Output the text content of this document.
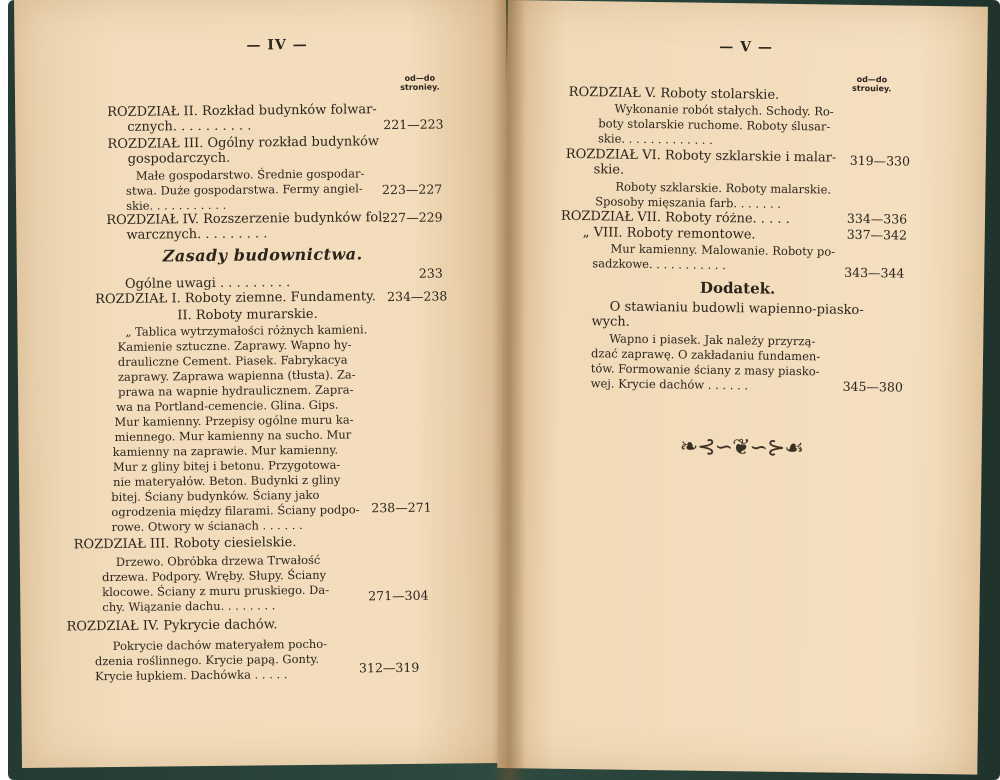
— IV —
od—do
stroniey.
ROZDZIAŁ II. Rozkład budynków folwar-
cznych. . . . . . . . . .
ROZDZIAŁ III. Ogólny rozkład budynków
gospodarczych.
Małe gospodarstwo. Średnie gospodar-
stwa. Duże gospodarstwa. Fermy angiel-
skie. . . . . . . . . . .
ROZDZIAŁ IV. Rozszerzenie budynków fol-
warcznych. . . . . . . . .
Zasady budownictwa.
Ogólne uwagi . . . . . . . . .
ROZDZIAŁ I. Roboty ziemne. Fundamenty.
II. Roboty murarskie.
„ Tablica wytrzymałości różnych kamieni.
Kamienie sztuczne. Zaprawy. Wapno hy-
drauliczne Cement. Piasek. Fabrykacya
zaprawy. Zaprawa wapienna (tłusta). Za-
prawa na wapnie hydraulicznem. Zapra-
wa na Portland-cemencie. Glina. Gips.
Mur kamienny. Przepisy ogólne muru ka-
miennego. Mur kamienny na sucho. Mur
kamienny na zaprawie. Mur kamienny.
Mur z gliny bitej i betonu. Przygotowa-
nie materyałów. Beton. Budynki z gliny
bitej. Ściany budynków. Ściany jako
ogrodzenia między filarami. Ściany podpo-
rowe. Otwory w ścianach . . . . . .
ROZDZIAŁ III. Roboty ciesielskie.
Drzewo. Obróbka drzewa Trwałość
drzewa. Podpory. Wręby. Słupy. Ściany
klocowe. Ściany z muru pruskiego. Da-
chy. Wiązanie dachu. . . . . . . .
ROZDZIAŁ IV. Pykrycie dachów.
Pokrycie dachów materyałem pocho-
dzenia roślinnego. Krycie papą. Gonty.
Krycie łupkiem. Dachówka . . . . .
221—223
223—227
227—229
233
234—238
238—271
271—304
312—319
— V —
od—do
strouiey.
ROZDZIAŁ V. Roboty stolarskie.
Wykonanie robót stałych. Schody. Ro-
boty stolarskie ruchome. Roboty ślusar-
skie. . . . . . . . . . . . .
ROZDZIAŁ VI. Roboty szklarskie i malar-
skie.
Roboty szklarskie. Roboty malarskie.
Sposoby mięszania farb. . . . . . .
ROZDZIAŁ VII. Roboty różne. . . . .
„ VIII. Roboty remontowe.
Mur kamienny. Malowanie. Roboty po-
sadzkowe. . . . . . . . . . .
Dodatek.
O stawianiu budowli wapienno-piasko-
wych.
Wapno i piasek. Jak należy przyrzą-
dzać zaprawę. O zakładaniu fundamen-
tów. Formowanie ściany z masy piasko-
wej. Krycie dachów . . . . . .
319—330
334—336
337—342
343—344
345—380
❧⊰∽❦∽⊱☙
